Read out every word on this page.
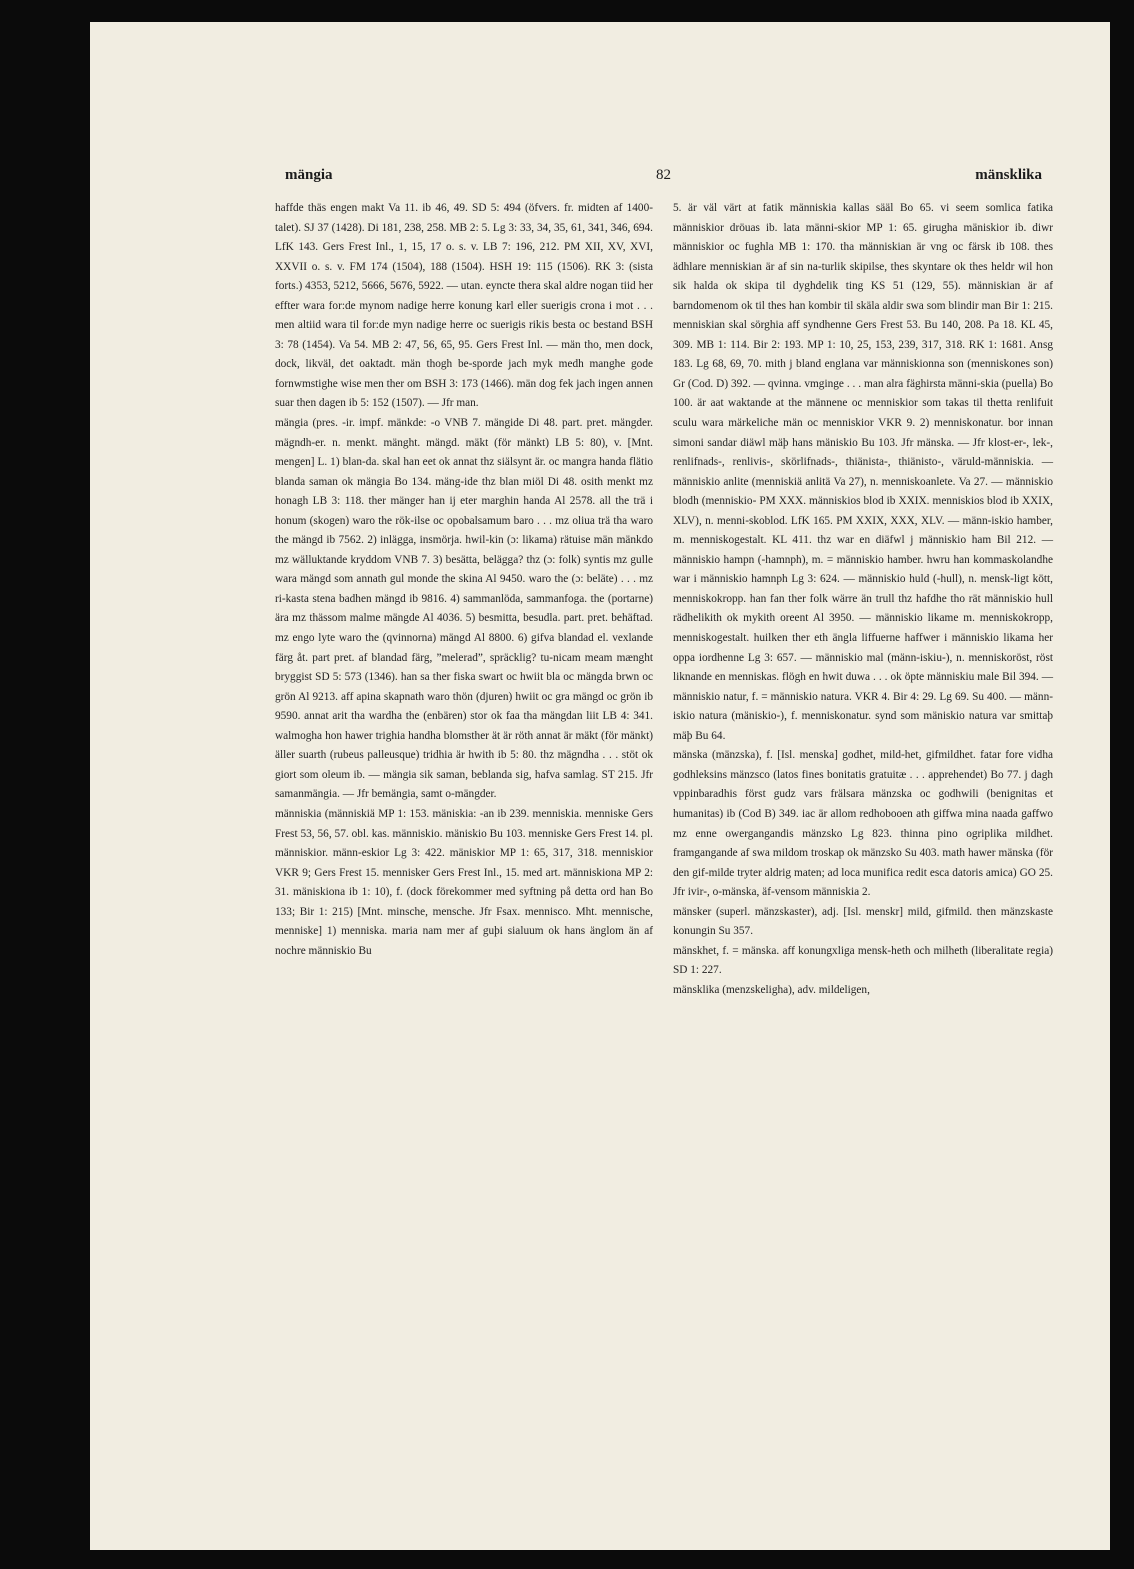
mängia	82	mänsklika

haffde thäs engen makt Va 11. ib 46, 49. SD 5: 494 (öfvers. fr. midten af 1400-talet). SJ 37 (1428). Di 181, 238, 258. MB 2: 5. Lg 3: 33, 34, 35, 61, 341, 346, 694. LfK 143. Gers Frest Inl., 1, 15, 17 o. s. v. LB 7: 196, 212. PM XII, XV, XVI, XXVII o. s. v. FM 174 (1504), 188 (1504). HSH 19: 115 (1506). RK 3: (sista forts.) 4353, 5212, 5666, 5676, 5922. — utan. eyncte thera skal aldre nogan tiid her effter wara for:de mynom nadige herre konung karl eller suerigis crona i mot . . . men altiid wara til for:de myn nadige herre oc suerigis rikis besta oc bestand BSH 3: 78 (1454). Va 54. MB 2: 47, 56, 65, 95. Gers Frest Inl. — män tho, men dock, dock, likväl, det oaktadt. män thogh be-sporde jach myk medh manghe gode fornwmstighe wise men ther om BSH 3: 173 (1466). män dog fek jach ingen annen suar then dagen ib 5: 152 (1507). — Jfr man.

mängia (pres. -ir. impf. mänkde: -o VNB 7. mängide Di 48. part. pret. mängder. mägndh-er. n. menkt. mänght. mängd. mäkt (för mänkt) LB 5: 80), v. [Mnt. mengen] L. 1) blan-da. skal han eet ok annat thz siälsynt är. oc mangra handa flätio blanda saman ok mängia Bo 134. mäng-ide thz blan miöl Di 48. osith menkt mz honagh LB 3: 118. ther mänger han ij eter marghin handa Al 2578. all the trä i honum (skogen) waro the rök-ilse oc opobalsamum baro . . . mz oliua trä tha waro the mängd ib 7562. 2) inlägga, insmörja. hwil-kin (ɔ: likama) rätuise män mänkdo mz wälluktande kryddom VNB 7. 3) besätta, belägga? thz (ɔ: folk) syntis mz gulle wara mängd som annath gul monde the skina Al 9450. waro the (ɔ: beläte) . . . mz ri-kasta stena badhen mängd ib 9816. 4) sammanlöda, sammanfoga. the (portarne) ära mz thässom malme mängde Al 4036. 5) besmitta, besudla. part. pret. behäftad. mz engo lyte waro the (qvinnorna) mängd Al 8800. 6) gifva blandad el. vexlande färg åt. part pret. af blandad färg, ”melerad”, spräcklig? tu-nicam meam mænght bryggist SD 5: 573 (1346). han sa ther fiska swart oc hwiit bla oc mängda brwn oc grön Al 9213. aff apina skapnath waro thön (djuren) hwiit oc gra mängd oc grön ib 9590. annat arit tha wardha the (enbären) stor ok faa tha mängdan liit LB 4: 341. walmogha hon hawer trighia handha blomsther ät är röth annat är mäkt (för mänkt) äller suarth (rubeus palleusque) tridhia är hwith ib 5: 80. thz mägndha . . . stöt ok giort som oleum ib. — mängia sik saman, beblanda sig, hafva samlag. ST 215. Jfr samanmängia. — Jfr bemängia, samt o-mängder.

människia (människiä MP 1: 153. mäniskia: -an ib 239. menniskia. menniske Gers Frest 53, 56, 57. obl. kas. människio. mäniskio Bu 103. menniske Gers Frest 14. pl. människior. männ-eskior Lg 3: 422. mäniskior MP 1: 65, 317, 318. menniskior VKR 9; Gers Frest 15. mennisker Gers Frest Inl., 15. med art. människiona MP 2: 31. mäniskiona ib 1: 10), f. (dock förekommer med syftning på detta ord han Bo 133; Bir 1: 215) [Mnt. minsche, mensche. Jfr Fsax. mennisco. Mht. mennische, menniske] 1) menniska. maria nam mer af guþi sialuum ok hans änglom än af nochre människio Bu

5. är väl värt at fatik människia kallas sääl Bo 65. vi seem somlica fatika människior dröuas ib. lata männi-skior MP 1: 65. girugha mäniskior ib. diwr människior oc fughla MB 1: 170. tha människian är vng oc färsk ib 108. thes ädhlare menniskian är af sin na-turlik skipilse, thes skyntare ok thes heldr wil hon sik halda ok skipa til dyghdelik ting KS 51 (129, 55). människian är af barndomenom ok til thes han kombir til skäla aldir swa som blindir man Bir 1: 215. menniskian skal sörghia aff syndhenne Gers Frest 53. Bu 140, 208. Pa 18. KL 45, 309. MB 1: 114. Bir 2: 193. MP 1: 10, 25, 153, 239, 317, 318. RK 1: 1681. Ansg 183. Lg 68, 69, 70. mith j bland englana var människionna son (menniskones son) Gr (Cod. D) 392. — qvinna. vmginge . . . man alra fäghirsta männi-skia (puella) Bo 100. är aat waktande at the männene oc menniskior som takas til thetta renlifuit sculu wara märkeliche män oc menniskior VKR 9. 2) menniskonatur. bor innan simoni sandar diäwl mäþ hans mäniskio Bu 103. Jfr mänska. — Jfr klost-er-, lek-, renlifnads-, renlivis-, skörlifnads-, thiänista-, thiänisto-, väruld-människia. — människio anlite (menniskiä anlitä Va 27), n. menniskoanlete. Va 27. — människio blodh (menniskio- PM XXX. människios blod ib XXIX. menniskios blod ib XXIX, XLV), n. menni-skoblod. LfK 165. PM XXIX, XXX, XLV. — männ-iskio hamber, m. menniskogestalt. KL 411. thz war en diäfwl j människio ham Bil 212. — människio hampn (-hamnph), m. = människio hamber. hwru han kommaskolandhe war i människio hamnph Lg 3: 624. — människio huld (-hull), n. mensk-ligt kött, menniskokropp. han fan ther folk wärre än trull thz hafdhe tho rät människio hull rädhelikith ok mykith oreent Al 3950. — människio likame m. menniskokropp, menniskogestalt. huilken ther eth ängla liffuerne haffwer i människio likama her oppa iordhenne Lg 3: 657. — människio mal (männ-iskiu-), n. menniskoröst, röst liknande en menniskas. flögh en hwit duwa . . . ok öpte människiu male Bil 394. — människio natur, f. = människio natura. VKR 4. Bir 4: 29. Lg 69. Su 400. — männ-iskio natura (mäniskio-), f. menniskonatur. synd som mäniskio natura var smittaþ mäþ Bu 64.

mänska (mänzska), f. [Isl. menska] godhet, mild-het, gifmildhet. fatar fore vidha godhleksins mänzsco (latos fines bonitatis gratuitæ . . . apprehendet) Bo 77. j dagh vppinbaradhis först gudz vars frälsara mänzska oc godhwili (benignitas et humanitas) ib (Cod B) 349. iac är allom redhobooen ath giffwa mina naada gaffwo mz enne owergangandis mänzsko Lg 823. thinna pino ogriplika mildhet. framgangande af swa mildom troskap ok mänzsko Su 403. math hawer mänska (för den gif-milde tryter aldrig maten; ad loca munifica redit esca datoris amica) GO 25. Jfr ivir-, o-mänska, äf-vensom människia 2.

mänsker (superl. mänzskaster), adj. [Isl. menskr] mild, gifmild. then mänzskaste konungin Su 357.

mänskhet, f. = mänska. aff konungxliga mensk-heth och milheth (liberalitate regia) SD 1: 227.

mänsklika (menzskeligha), adv. mildeligen,
